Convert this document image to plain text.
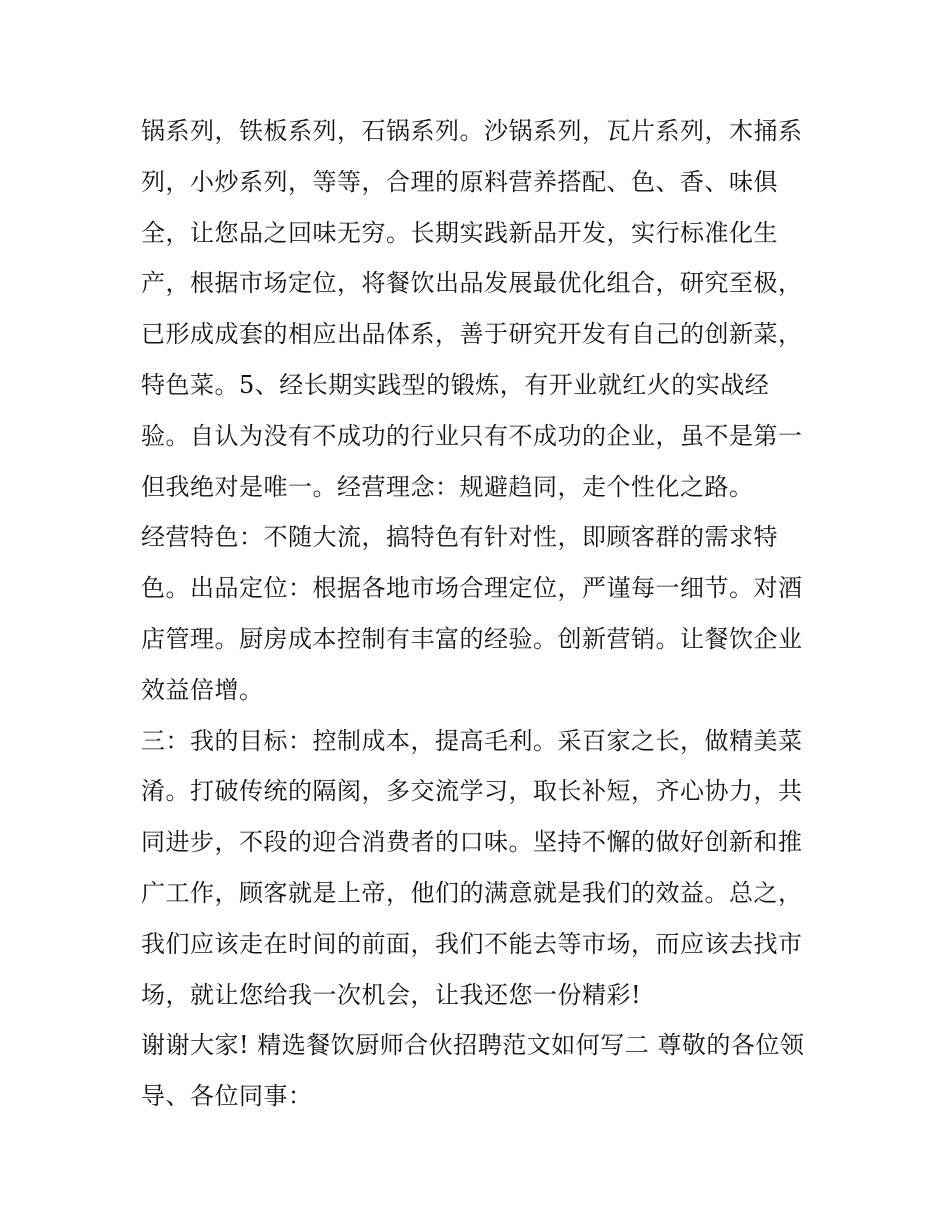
锅系列，铁板系列，石锅系列。沙锅系列，瓦片系列，木捅系
列，小炒系列，等等，合理的原料营养搭配、色、香、味俱
全，让您品之回味无穷。长期实践新品开发，实行标准化生
产，根据市场定位，将餐饮出品发展最优化组合，研究至极，
已形成成套的相应出品体系，善于研究开发有自己的创新菜，
特色菜。5、经长期实践型的锻炼，有开业就红火的实战经
验。自认为没有不成功的行业只有不成功的企业，虽不是第一
但我绝对是唯一。经营理念：规避趋同，走个性化之路。
经营特色：不随大流，搞特色有针对性，即顾客群的需求特
色。出品定位：根据各地市场合理定位，严谨每一细节。对酒
店管理。厨房成本控制有丰富的经验。创新营销。让餐饮企业
效益倍增。
三：我的目标：控制成本，提高毛利。采百家之长，做精美菜
淆。打破传统的隔阂，多交流学习，取长补短，齐心协力，共
同进步，不段的迎合消费者的口味。坚持不懈的做好创新和推
广工作，顾客就是上帝，他们的满意就是我们的效益。总之，
我们应该走在时间的前面，我们不能去等市场，而应该去找市
场，就让您给我一次机会，让我还您一份精彩!
谢谢大家! 精选餐饮厨师合伙招聘范文如何写二 尊敬的各位领
导、各位同事：
